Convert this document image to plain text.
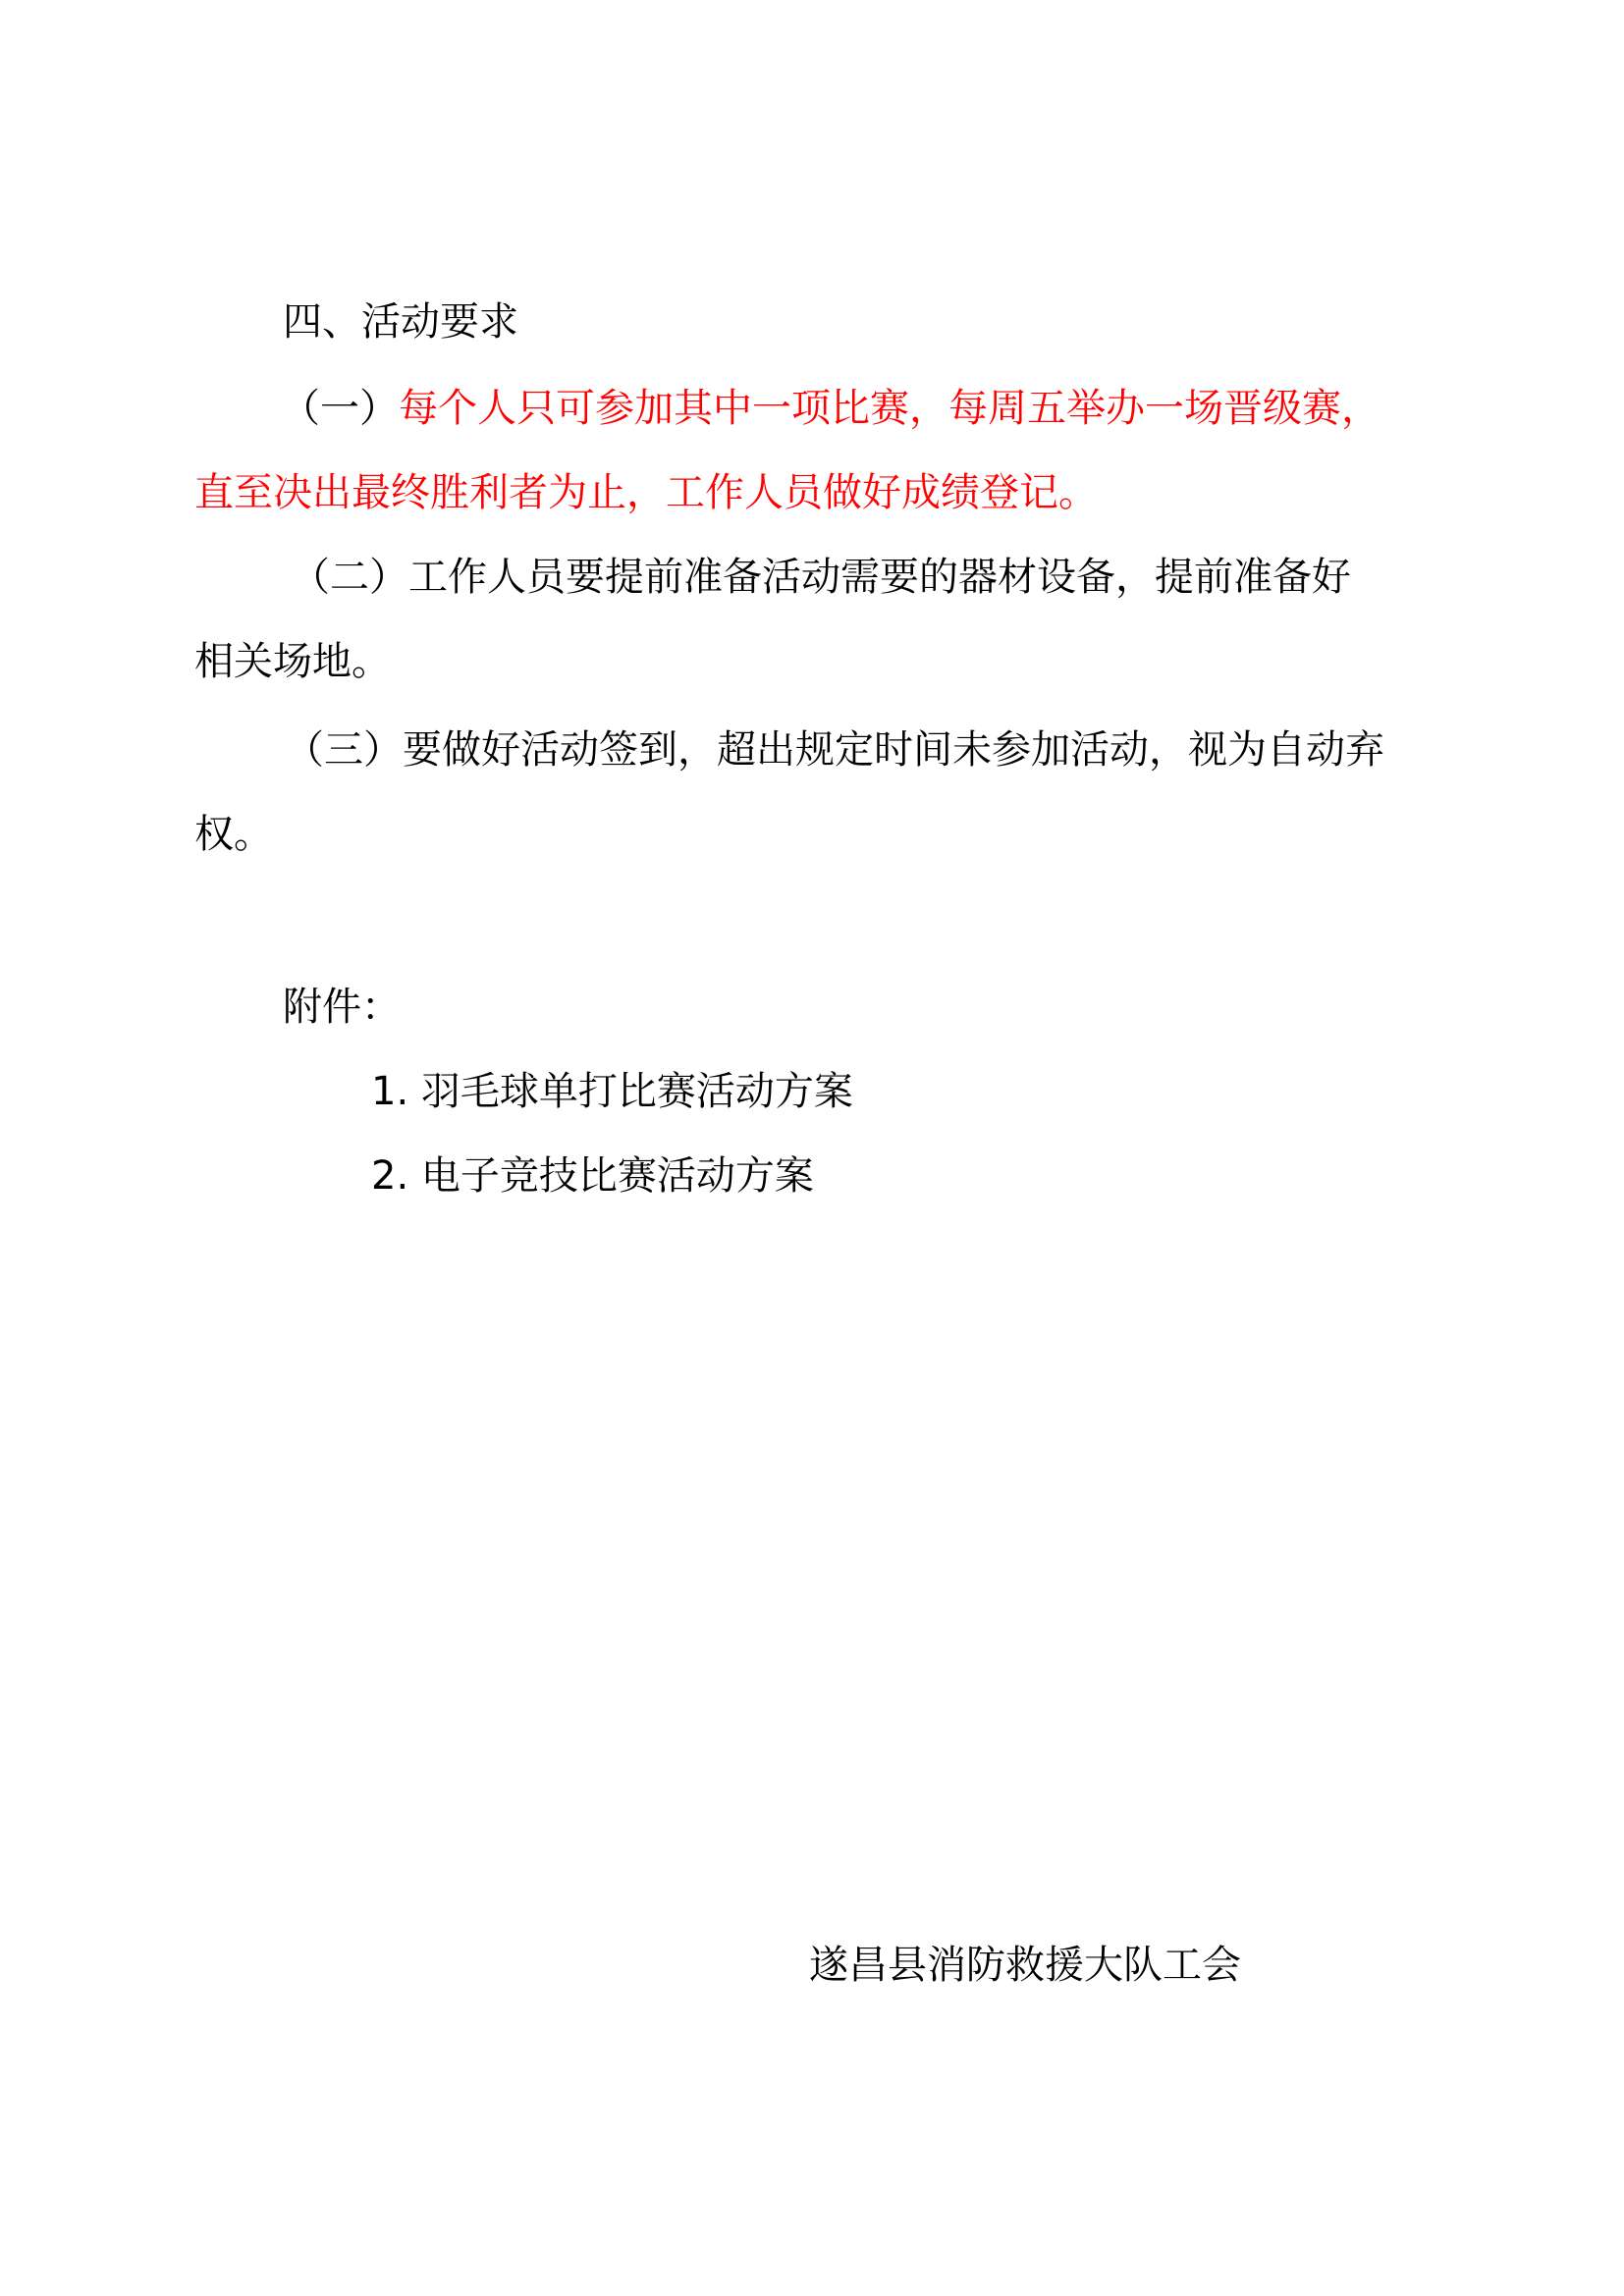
四、活动要求
（一）每个人只可参加其中一项比赛，每周五举办一场晋级赛，
直至决出最终胜利者为止，工作人员做好成绩登记。
（二）工作人员要提前准备活动需要的器材设备，提前准备好
相关场地。
（三）要做好活动签到，超出规定时间未参加活动，视为自动弃
权。
附件：
1. 羽毛球单打比赛活动方案
2. 电子竞技比赛活动方案
遂昌县消防救援大队工会
